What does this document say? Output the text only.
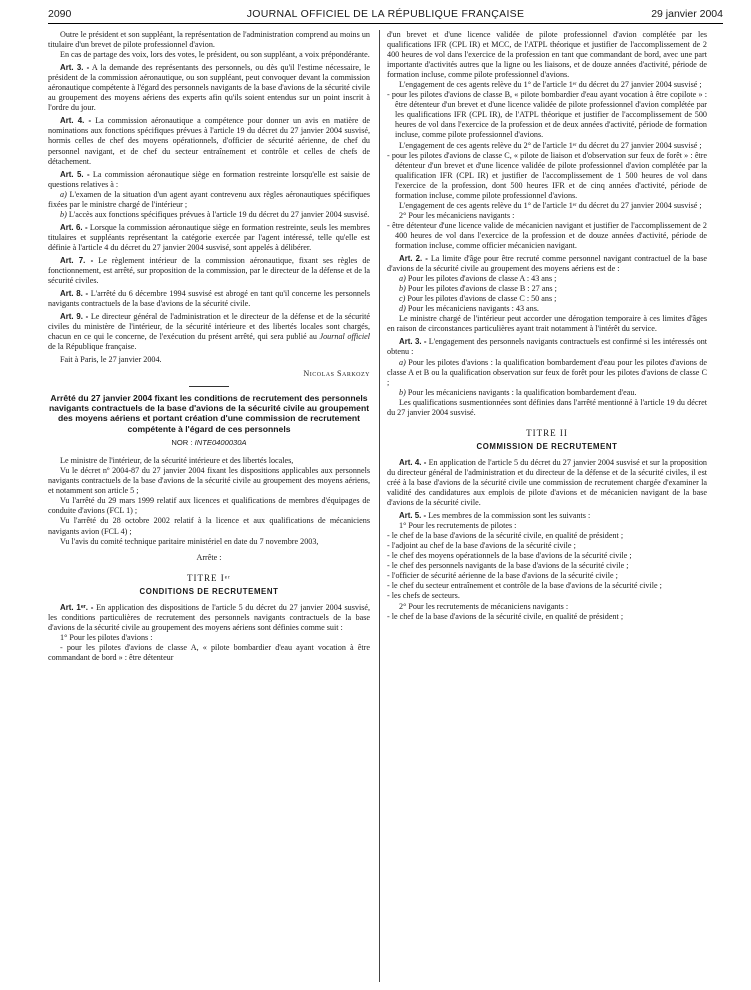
2090	JOURNAL OFFICIEL DE LA RÉPUBLIQUE FRANÇAISE	29 janvier 2004

Outre le président et son suppléant, la représentation de l'administration comprend au moins un titulaire d'un brevet de pilote professionnel d'avion.

En cas de partage des voix, lors des votes, le président, ou son suppléant, a voix prépondérante.

Art. 3. - A la demande des représentants des personnels, ou dès qu'il l'estime nécessaire, le président de la commission aéronautique, ou son suppléant, peut convoquer devant la commission aéronautique compétente à l'égard des personnels navigants de la base d'avions de la sécurité civile au groupement des moyens aériens des experts afin qu'ils soient entendus sur un point inscrit à l'ordre du jour.

Art. 4. - La commission aéronautique a compétence pour donner un avis en matière de nominations aux fonctions spécifiques prévues à l'article 19 du décret du 27 janvier 2004 susvisé, hormis celles de chef des moyens opérationnels, d'officier de sécurité aérienne, de chef du personnel navigant, et de chef du secteur entraînement et contrôle et celles de chefs de détachement.

Art. 5. - La commission aéronautique siège en formation restreinte lorsqu'elle est saisie de questions relatives à :

a) L'examen de la situation d'un agent ayant contrevenu aux règles aéronautiques spécifiques fixées par le ministre chargé de l'intérieur ;

b) L'accès aux fonctions spécifiques prévues à l'article 19 du décret du 27 janvier 2004 susvisé.

Art. 6. - Lorsque la commission aéronautique siège en formation restreinte, seuls les membres titulaires et suppléants représentant la catégorie exercée par l'agent intéressé, telle qu'elle est définie à l'article 4 du décret du 27 janvier 2004 susvisé, sont appelés à délibérer.

Art. 7. - Le règlement intérieur de la commission aéronautique, fixant ses règles de fonctionnement, est arrêté, sur proposition de la commission, par le directeur de la défense et de la sécurité civiles.

Art. 8. - L'arrêté du 6 décembre 1994 susvisé est abrogé en tant qu'il concerne les personnels navigants contractuels de la base d'avions de la sécurité civile.

Art. 9. - Le directeur général de l'administration et le directeur de la défense et de la sécurité civiles du ministère de l'intérieur, de la sécurité intérieure et des libertés locales sont chargés, chacun en ce qui le concerne, de l'exécution du présent arrêté, qui sera publié au Journal officiel de la République française.

Fait à Paris, le 27 janvier 2004.

Nicolas Sarkozy
Arrêté du 27 janvier 2004 fixant les conditions de recrutement des personnels navigants contractuels de la base d'avions de la sécurité civile au groupement des moyens aériens et portant création d'une commission de recrutement compétente à l'égard de ces personnels
NOR : INTE0400030A

Le ministre de l'intérieur, de la sécurité intérieure et des libertés locales,

Vu le décret nº 2004-87 du 27 janvier 2004 fixant les dispositions applicables aux personnels navigants contractuels de la base d'avions de la sécurité civile au groupement des moyens aériens, et notamment son article 5 ;

Vu l'arrêté du 29 mars 1999 relatif aux licences et qualifications de membres d'équipages de conduite d'avions (FCL 1) ;

Vu l'arrêté du 28 octobre 2002 relatif à la licence et aux qualifications de mécaniciens navigants avion (FCL 4) ;

Vu l'avis du comité technique paritaire ministériel en date du 7 novembre 2003,

Arrête :
TITRE Iᵉʳ
CONDITIONS DE RECRUTEMENT

Art. 1ᵉʳ. - En application des dispositions de l'article 5 du décret du 27 janvier 2004 susvisé, les conditions particulières de recrutement des personnels navigants contractuels de la base d'avions de la sécurité civile au groupement des moyens aériens sont définies comme suit :

1° Pour les pilotes d'avions :

- pour les pilotes d'avions de classe A, « pilote bombardier d'eau ayant vocation à être commandant de bord » : être détenteur

d'un brevet et d'une licence validée de pilote professionnel d'avion complétée par les qualifications IFR (CPL IR) et MCC, de l'ATPL théorique et justifier de l'accomplissement de 2 400 heures de vol dans l'exercice de la profession en tant que commandant de bord, avec une part importante d'activités autres que la ligne ou les liaisons, et de douze années d'activité, période de formation incluse, comme pilote professionnel d'avions.

L'engagement de ces agents relève du 1° de l'article 1ᵉʳ du décret du 27 janvier 2004 susvisé ;

- pour les pilotes d'avions de classe B, « pilote bombardier d'eau ayant vocation à être copilote » : être détenteur d'un brevet et d'une licence validée de pilote professionnel d'avion complétée par les qualifications IFR (CPL IR), de l'ATPL théorique et justifier de l'accomplissement de 500 heures de vol dans l'exercice de la profession et de deux années d'activité, période de formation incluse, comme pilote professionnel d'avions.

L'engagement de ces agents relève du 2° de l'article 1ᵉʳ du décret du 27 janvier 2004 susvisé ;

- pour les pilotes d'avions de classe C, « pilote de liaison et d'observation sur feux de forêt » : être détenteur d'un brevet et d'une licence validée de pilote professionnel d'avion complétée par la qualification IFR (CPL IR) et justifier de l'accomplissement de 1 500 heures de vol dans l'exercice de la profession, dont 500 heures IFR et de cinq années d'activité, période de formation incluse, comme pilote professionnel d'avions.

L'engagement de ces agents relève du 1° de l'article 1ᵉʳ du décret du 27 janvier 2004 susvisé ;

2° Pour les mécaniciens navigants :

- être détenteur d'une licence valide de mécanicien navigant et justifier de l'accomplissement de 2 400 heures de vol dans l'exercice de la profession et de douze années d'activité, période de formation incluse, comme officier mécanicien navigant.

Art. 2. - La limite d'âge pour être recruté comme personnel navigant contractuel de la base d'avions de la sécurité civile au groupement des moyens aériens est de :

a) Pour les pilotes d'avions de classe A : 43 ans ;

b) Pour les pilotes d'avions de classe B : 27 ans ;

c) Pour les pilotes d'avions de classe C : 50 ans ;

d) Pour les mécaniciens navigants : 43 ans.

Le ministre chargé de l'intérieur peut accorder une dérogation temporaire à ces limites d'âges en raison de circonstances particulières ayant trait notamment à l'intérêt du service.

Art. 3. - L'engagement des personnels navigants contractuels est confirmé si les intéressés ont obtenu :

a) Pour les pilotes d'avions : la qualification bombardement d'eau pour les pilotes d'avions de classe A et B ou la qualification observation sur feux de forêt pour les pilotes d'avions de classe C ;

b) Pour les mécaniciens navigants : la qualification bombardement d'eau.

Les qualifications susmentionnées sont définies dans l'arrêté mentionné à l'article 19 du décret du 27 janvier 2004 susvisé.

TITRE II
COMMISSION DE RECRUTEMENT

Art. 4. - En application de l'article 5 du décret du 27 janvier 2004 susvisé et sur la proposition du directeur général de l'administration et du directeur de la défense et de la sécurité civiles, il est créé à la base d'avions de la sécurité civile une commission de recrutement chargée d'examiner la validité des candidatures aux emplois de pilote d'avions et de mécanicien navigant de la base d'avions de la sécurité civile.

Art. 5. - Les membres de la commission sont les suivants :

1° Pour les recrutements de pilotes :

- le chef de la base d'avions de la sécurité civile, en qualité de président ;

- l'adjoint au chef de la base d'avions de la sécurité civile ;

- le chef des moyens opérationnels de la base d'avions de la sécurité civile ;

- le chef des personnels navigants de la base d'avions de la sécurité civile ;

- l'officier de sécurité aérienne de la base d'avions de la sécurité civile ;

- le chef du secteur entraînement et contrôle de la base d'avions de la sécurité civile ;

- les chefs de secteurs.

2° Pour les recrutements de mécaniciens navigants :

- le chef de la base d'avions de la sécurité civile, en qualité de président ;
